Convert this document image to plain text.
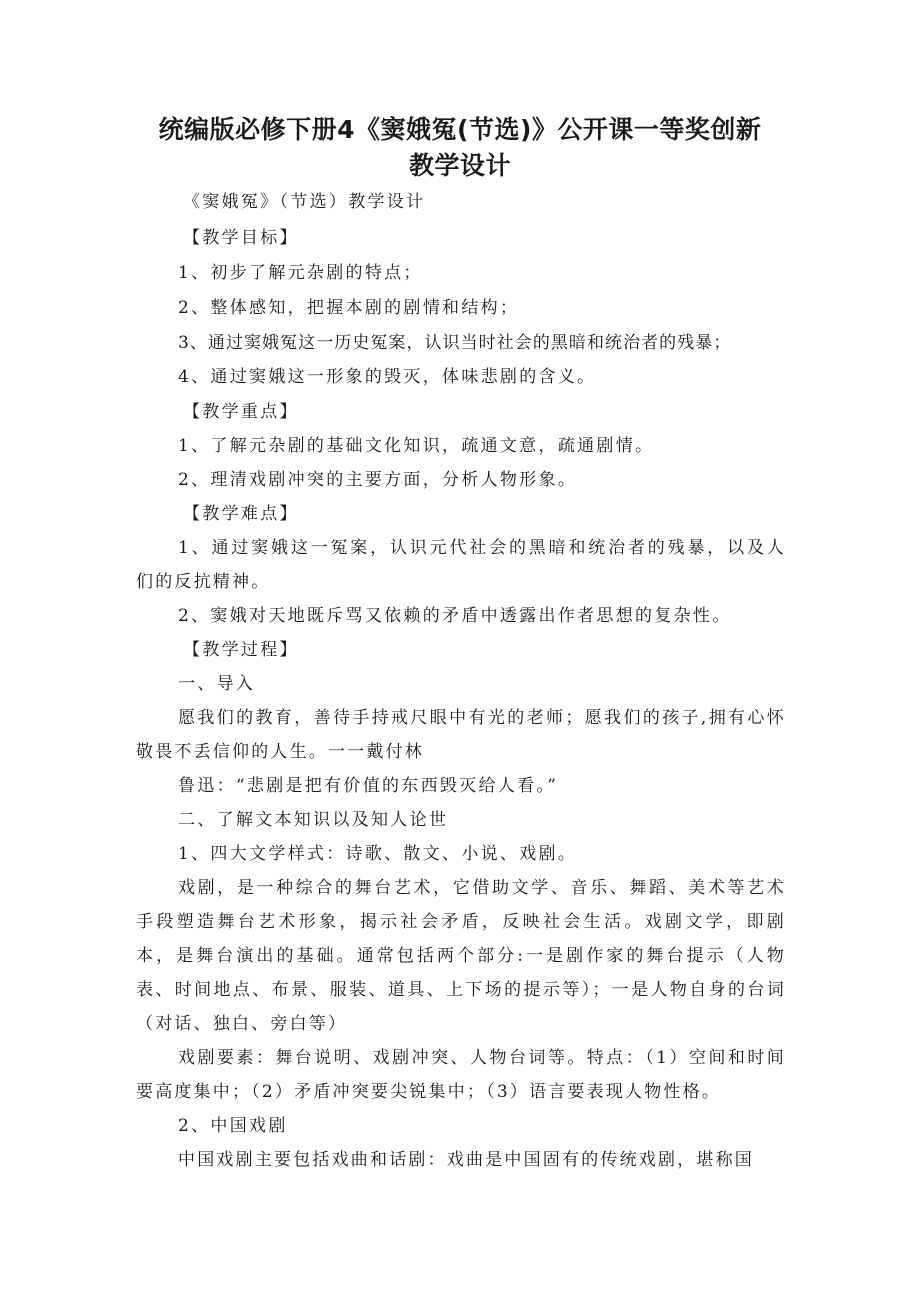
统编版必修下册4《窦娥冤(节选)》公开课一等奖创新
教学设计

《窦娥冤》（节选）教学设计

【教学目标】

1、初步了解元杂剧的特点；

2、整体感知，把握本剧的剧情和结构；

3、通过窦娥冤这一历史冤案，认识当时社会的黑暗和统治者的残暴；

4、通过窦娥这一形象的毁灭，体味悲剧的含义。

【教学重点】

1、了解元杂剧的基础文化知识，疏通文意，疏通剧情。

2、理清戏剧冲突的主要方面，分析人物形象。

【教学难点】

1、通过窦娥这一冤案，认识元代社会的黑暗和统治者的残暴，以及人们的反抗精神。

2、窦娥对天地既斥骂又依赖的矛盾中透露出作者思想的复杂性。

【教学过程】

一、导入

愿我们的教育，善待手持戒尺眼中有光的老师；愿我们的孩子,拥有心怀敬畏不丢信仰的人生。一一戴付林

鲁迅：“悲剧是把有价值的东西毁灭给人看。”

二、了解文本知识以及知人论世

1、四大文学样式：诗歌、散文、小说、戏剧。

戏剧，是一种综合的舞台艺术，它借助文学、音乐、舞蹈、美术等艺术手段塑造舞台艺术形象，揭示社会矛盾，反映社会生活。戏剧文学，即剧本，是舞台演出的基础。通常包括两个部分:一是剧作家的舞台提示（人物表、时间地点、布景、服装、道具、上下场的提示等）；一是人物自身的台词（对话、独白、旁白等）

戏剧要素：舞台说明、戏剧冲突、人物台词等。特点：（1）空间和时间要高度集中；（2）矛盾冲突要尖锐集中；（3）语言要表现人物性格。

2、中国戏剧

中国戏剧主要包括戏曲和话剧：戏曲是中国固有的传统戏剧，堪称国
